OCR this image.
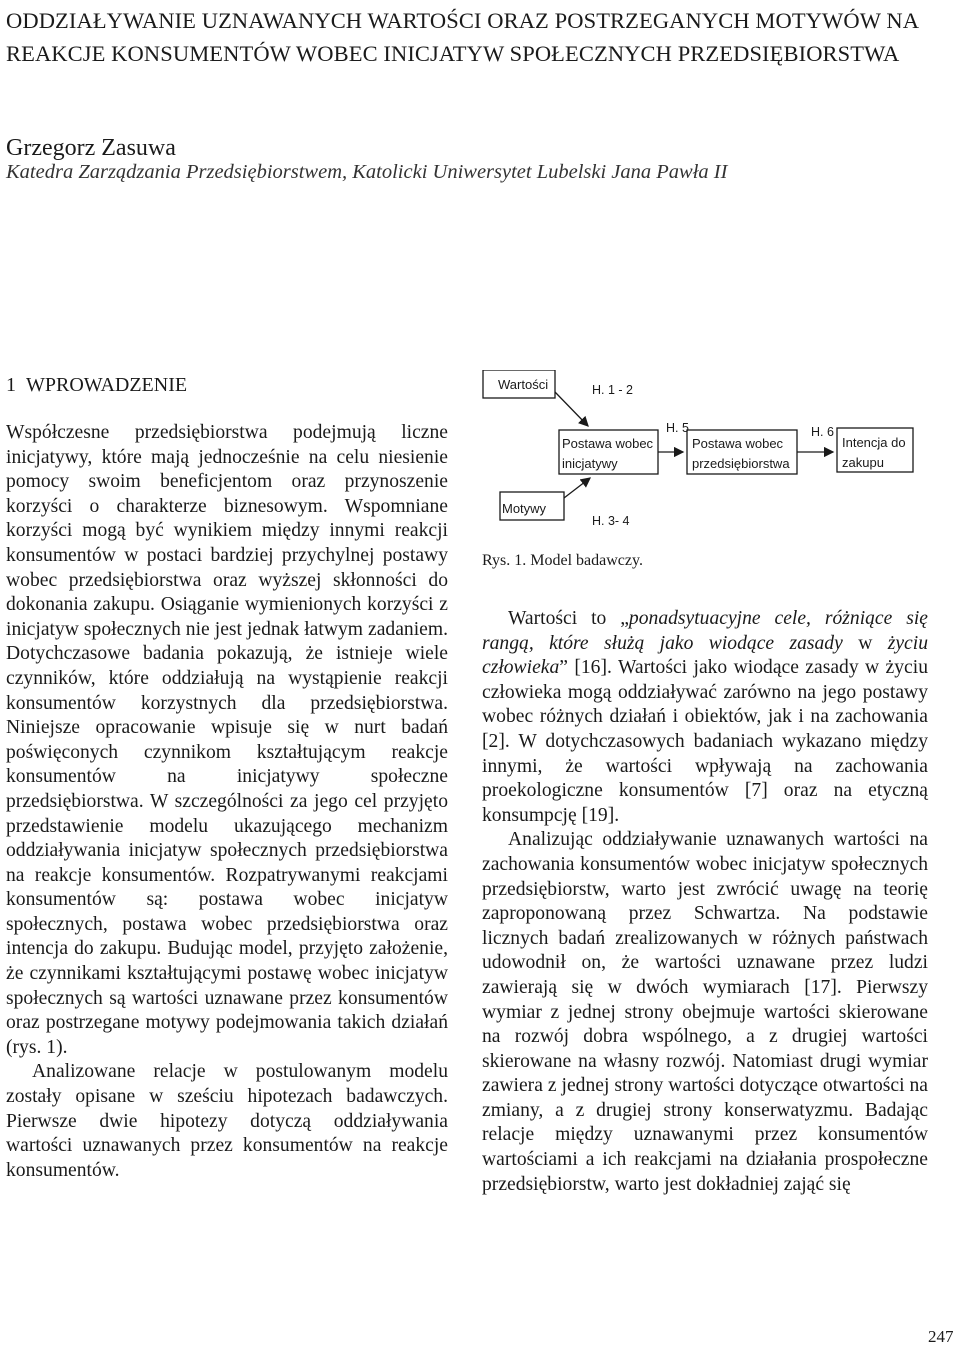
ODDZIAŁYWANIE UZNAWANYCH WARTOŚCI ORAZ POSTRZEGANYCH MOTYWÓW NA REAKCJE KONSUMENTÓW WOBEC INICJATYW SPOŁECZNYCH PRZEDSIĘBIORSTWA
Grzegorz Zasuwa
Katedra Zarządzania Przedsiębiorstwem, Katolicki Uniwersytet Lubelski Jana Pawła II
1 WPROWADZENIE

Współczesne przedsiębiorstwa podejmują liczne inicjatywy, które mają jednocześnie na celu niesienie pomocy swoim beneficjentom oraz przynoszenie korzyści o charakterze biznesowym. Wspomniane korzyści mogą być wynikiem między innymi reakcji konsumentów w postaci bardziej przychylnej postawy wobec przedsiębiorstwa oraz wyższej skłonności do dokonania zakupu. Osiąganie wymienionych korzyści z inicjatyw społecznych nie jest jednak łatwym zadaniem. Dotychczasowe badania pokazują, że istnieje wiele czynników, które oddziałują na wystąpienie reakcji konsumentów korzystnych dla przedsiębiorstwa. Niniejsze opracowanie wpisuje się w nurt badań poświęconych czynnikom kształtującym reakcje konsumentów na inicjatywy społeczne przedsiębiorstwa. W szczególności za jego cel przyjęto przedstawienie modelu ukazującego mechanizm oddziaływania inicjatyw społecznych przedsiębiorstwa na reakcje konsumentów. Rozpatrywanymi reakcjami konsumentów są: postawa wobec inicjatyw społecznych, postawa wobec przedsiębiorstwa oraz intencja do zakupu. Budując model, przyjęto założenie, że czynnikami kształtującymi postawę wobec inicjatyw społecznych są wartości uznawane przez konsumentów oraz postrzegane motywy podejmowania takich działań (rys. 1).

Analizowane relacje w postulowanym modelu zostały opisane w sześciu hipotezach badawczych. Pierwsze dwie hipotezy dotyczą oddziaływania wartości uznawanych przez konsumentów na reakcje konsumentów.

Wartości
Motywy
Postawa wobec
inicjatywy
Postawa wobec
przedsiębiorstwa
Intencja do
zakupu
H. 1 - 2
H. 3- 4
H. 5	H. 6
Rys. 1. Model badawczy.

Wartości to „ponadsytuacyjne cele, różniące się rangą, które służą jako wiodące zasady w życiu człowieka” [16]. Wartości jako wiodące zasady w życiu człowieka mogą oddziaływać zarówno na jego postawy wobec różnych działań i obiektów, jak i na zachowania [2]. W dotychczasowych badaniach wykazano między innymi, że wartości wpływają na zachowania proekologiczne konsumentów [7] oraz na etyczną konsumpcję [19].

Analizując oddziaływanie uznawanych wartości na zachowania konsumentów wobec inicjatyw społecznych przedsiębiorstw, warto jest zwrócić uwagę na teorię zaproponowaną przez Schwartza. Na podstawie licznych badań zrealizowanych w różnych państwach udowodnił on, że wartości uznawane przez ludzi zawierają się w dwóch wymiarach [17]. Pierwszy wymiar z jednej strony obejmuje wartości skierowane na rozwój dobra wspólnego, a z drugiej wartości skierowane na własny rozwój. Natomiast drugi wymiar zawiera z jednej strony wartości dotyczące otwartości na zmiany, a z drugiej strony konserwatyzmu. Badając relacje między uznawanymi przez konsumentów wartościami a ich reakcjami na działania prospołeczne przedsiębiorstw, warto jest dokładniej zająć się

247
